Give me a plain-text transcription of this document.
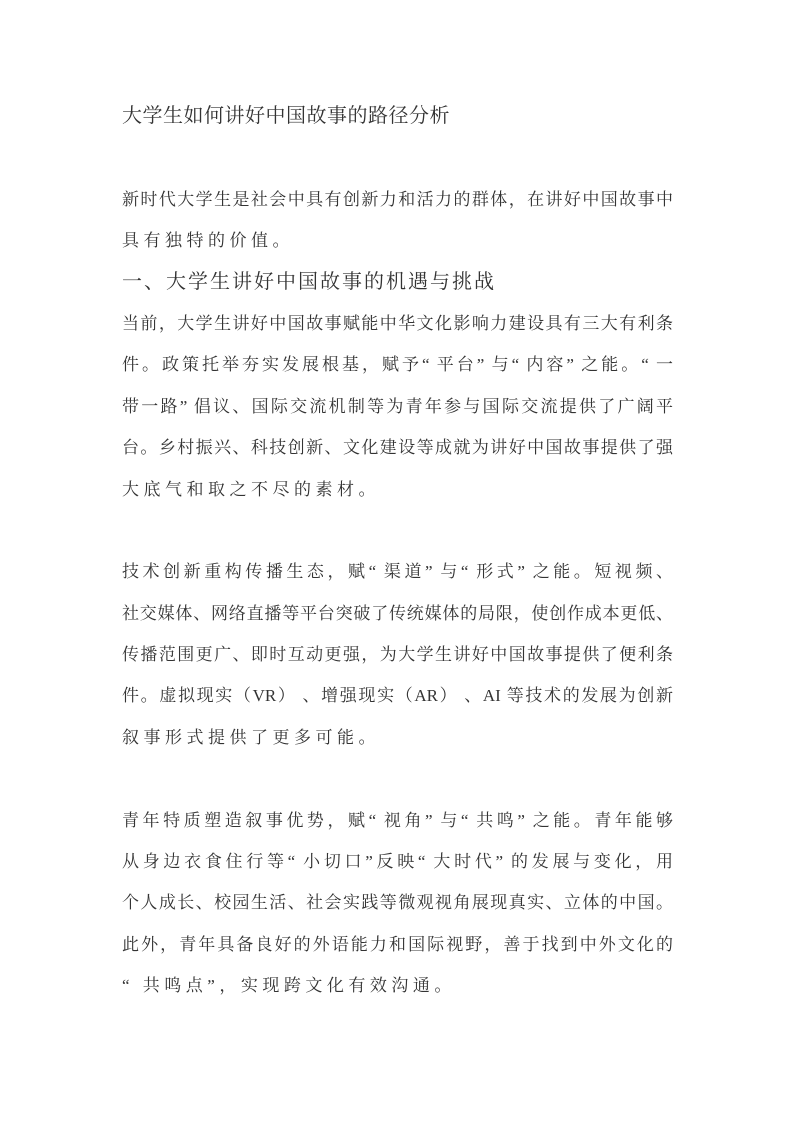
大学生如何讲好中国故事的路径分析
新时代大学生是社会中具有创新力和活力的群体，在讲好中国故事中
具有独特的价值。
一、大学生讲好中国故事的机遇与挑战
当前，大学生讲好中国故事赋能中华文化影响力建设具有三大有利条
件。政策托举夯实发展根基，赋予“ 平台” 与“ 内容” 之能。“ 一
带一路” 倡议、国际交流机制等为青年参与国际交流提供了广阔平
台。乡村振兴、科技创新、文化建设等成就为讲好中国故事提供了强
大底气和取之不尽的素材。
技术创新重构传播生态，赋“ 渠道” 与“ 形式” 之能。短视频、
社交媒体、网络直播等平台突破了传统媒体的局限，使创作成本更低、
传播范围更广、即时互动更强，为大学生讲好中国故事提供了便利条
件。虚拟现实（VR） 、增强现实（AR） 、AI 等技术的发展为创新
叙事形式提供了更多可能。
青年特质塑造叙事优势，赋“ 视角” 与“ 共鸣” 之能。青年能够
从身边衣食住行等“ 小切口”反映“ 大时代” 的发展与变化，用
个人成长、校园生活、社会实践等微观视角展现真实、立体的中国。
此外，青年具备良好的外语能力和国际视野，善于找到中外文化的
“ 共鸣点”，实现跨文化有效沟通。
